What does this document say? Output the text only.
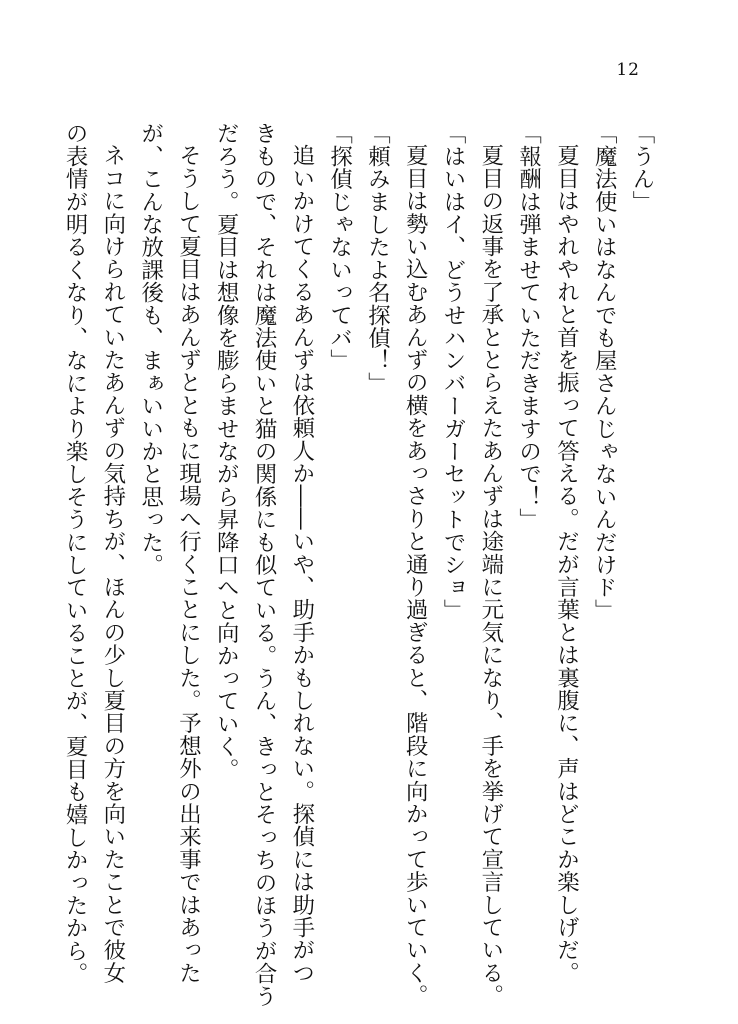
12

「うん」

「魔法使いはなんでも屋さんじゃないんだけド」

夏目はやれやれと首を振って答える。だが言葉とは裏腹に、声はどこか楽しげだ。

「報酬は弾ませていただきますので！」

夏目の返事を了承ととらえたあんずは途端に元気になり、手を挙げて宣言している。

「はいはイ、どうせハンバーガーセットでショ」

夏目は勢い込むあんずの横をあっさりと通り過ぎると、階段に向かって歩いていく。

「頼みましたよ名探偵！」

「探偵じゃないってバ」

追いかけてくるあんずは依頼人か――いや、助手かもしれない。探偵には助手がつ

きもので、それは魔法使いと猫の関係にも似ている。うん、きっとそっちのほうが合う

だろう。夏目は想像を膨らませながら昇降口へと向かっていく。

そうして夏目はあんずとともに現場へ行くことにした。予想外の出来事ではあった

が、こんな放課後も、まぁいいかと思った。

ネコに向けられていたあんずの気持ちが、ほんの少し夏目の方を向いたことで彼女

の表情が明るくなり、なにより楽しそうにしていることが、夏目も嬉しかったから。
